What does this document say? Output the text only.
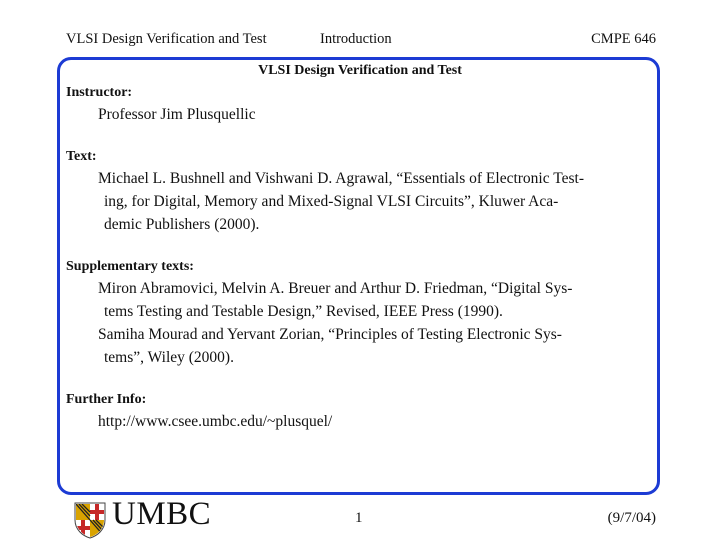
VLSI Design Verification and Test	Introduction	CMPE 646
VLSI Design Verification and Test
Instructor:
Professor Jim Plusquellic
Text:
Michael L. Bushnell and Vishwani D. Agrawal, “Essentials of Electronic Test-
ing, for Digital, Memory and Mixed-Signal VLSI Circuits”, Kluwer Aca-
demic Publishers (2000).
Supplementary texts:
Miron Abramovici, Melvin A. Breuer and Arthur D. Friedman, “Digital Sys-
tems Testing and Testable Design,” Revised, IEEE Press (1990).
Samiha Mourad and Yervant Zorian, “Principles of Testing Electronic Sys-
tems”, Wiley (2000).
Further Info:
http://www.csee.umbc.edu/~plusquel/
UMBC	1	(9/7/04)
